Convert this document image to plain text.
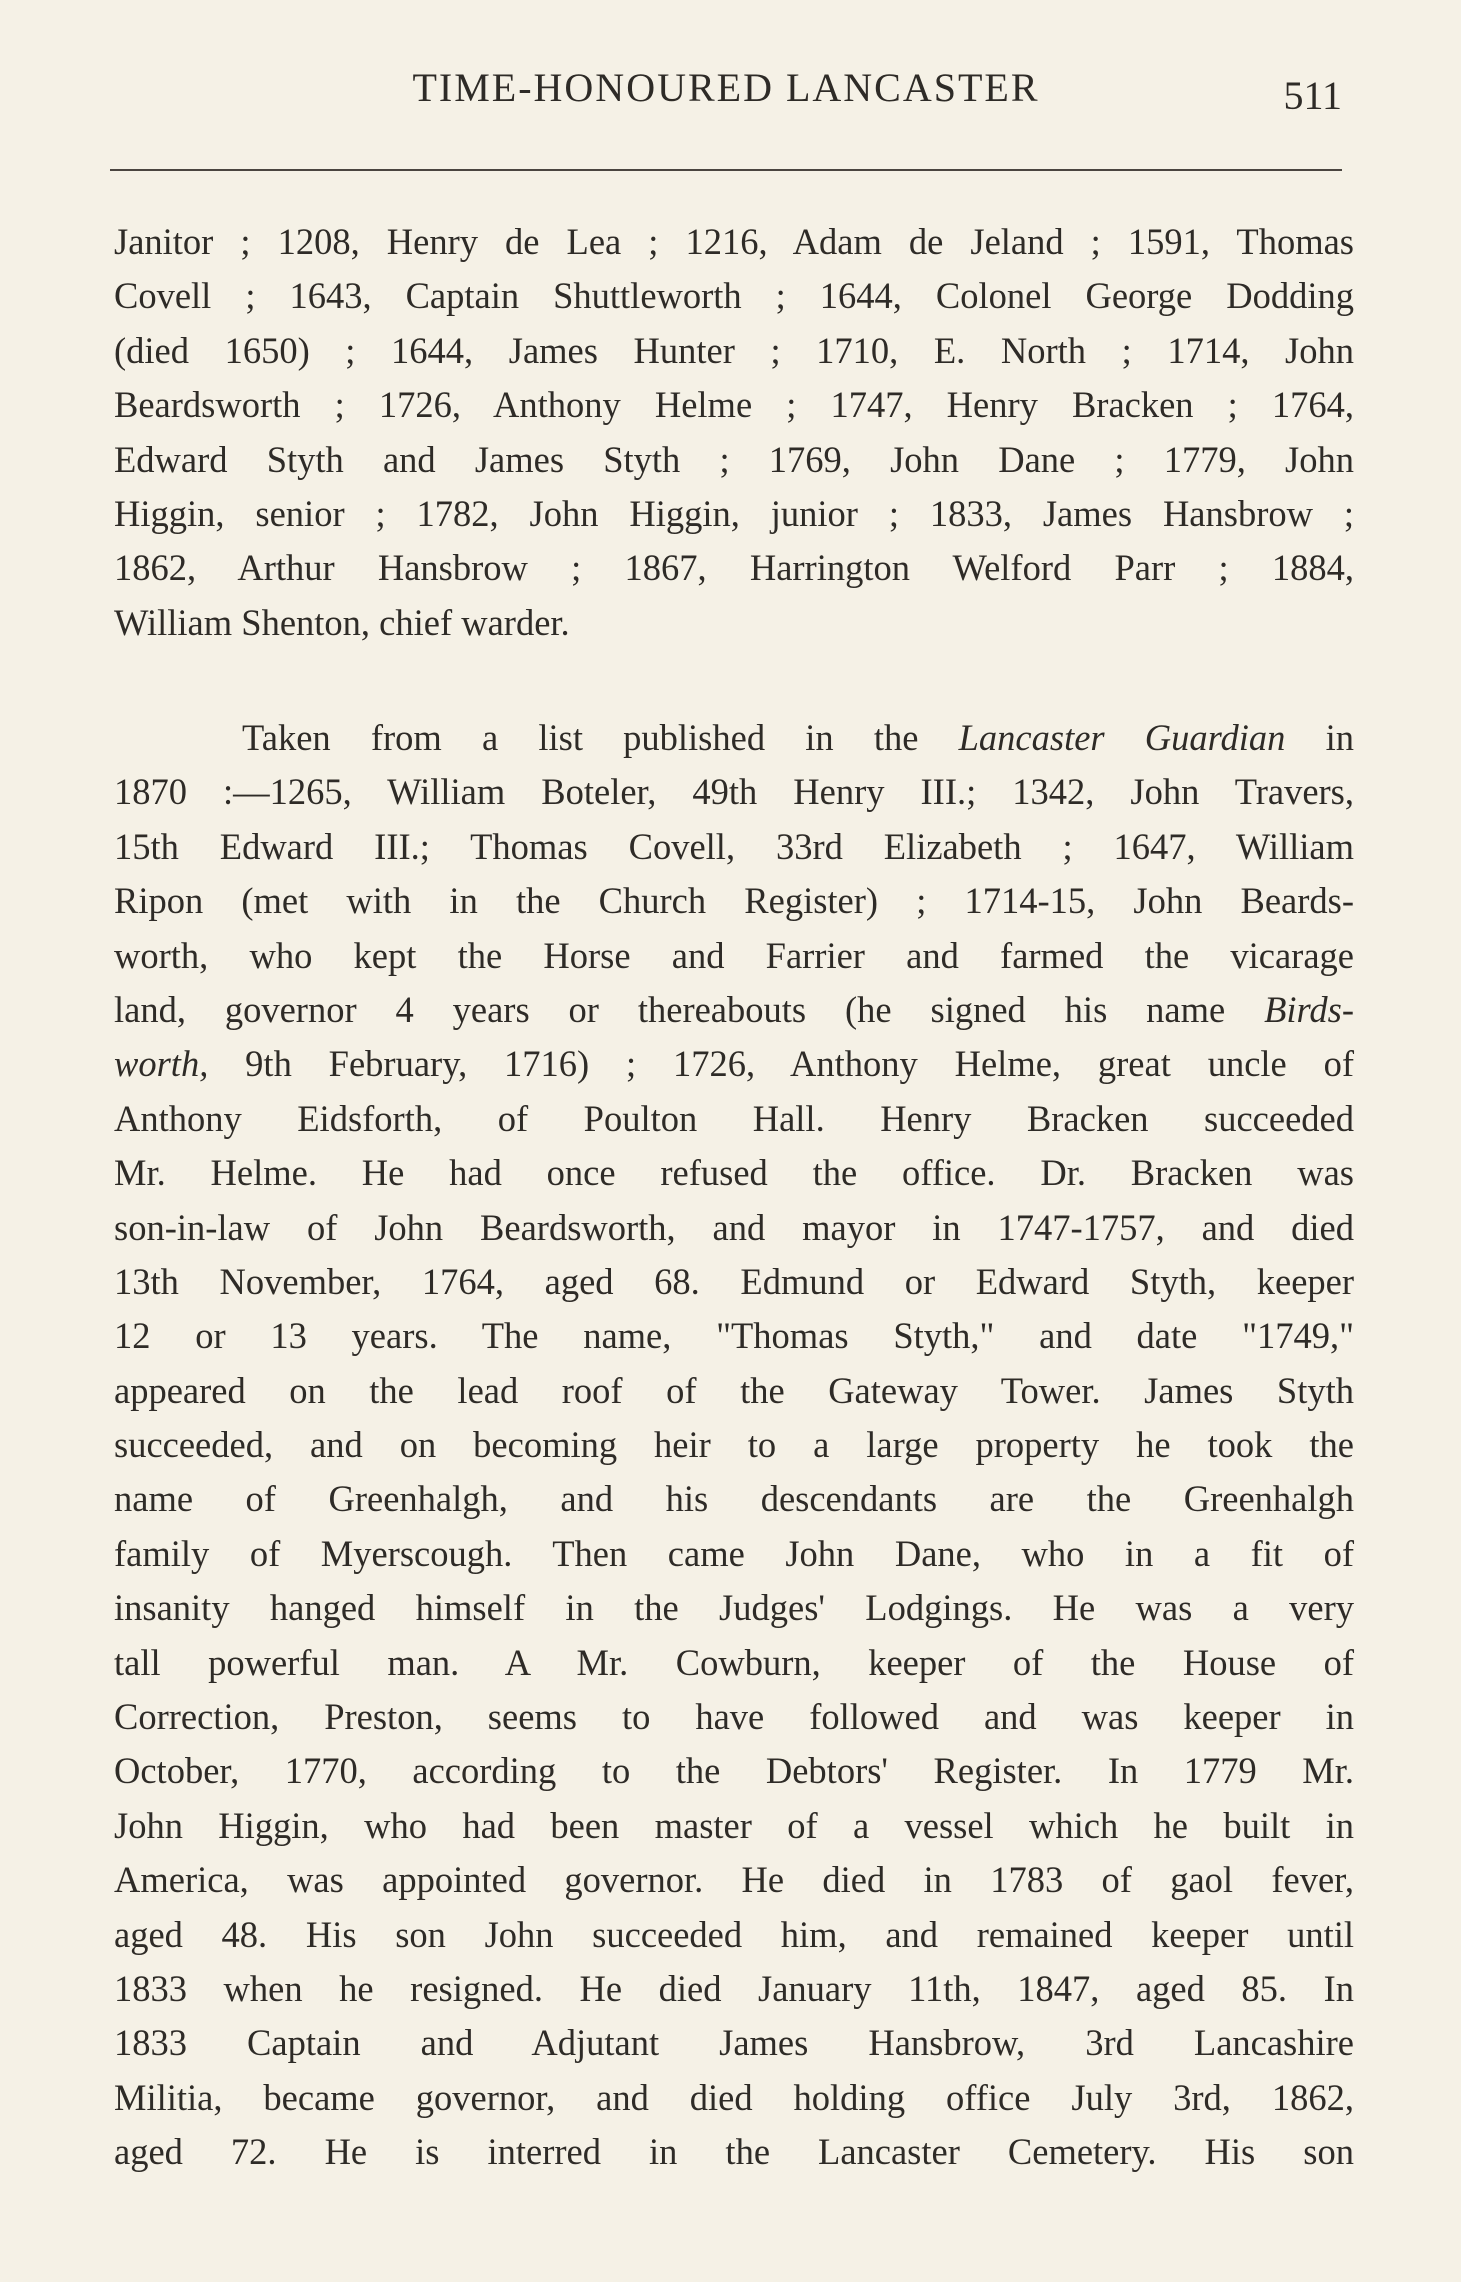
TIME-HONOURED LANCASTER	511
Janitor ; 1208, Henry de Lea ; 1216, Adam de Jeland ; 1591, Thomas
Covell ; 1643, Captain Shuttleworth ; 1644, Colonel George Dodding
(died 1650) ; 1644, James Hunter ; 1710, E. North ; 1714, John
Beardsworth ; 1726, Anthony Helme ; 1747, Henry Bracken ; 1764,
Edward Styth and James Styth ; 1769, John Dane ; 1779, John
Higgin, senior ; 1782, John Higgin, junior ; 1833, James Hansbrow ;
1862, Arthur Hansbrow ; 1867, Harrington Welford Parr ; 1884,
William Shenton, chief warder.
Taken from a list published in the Lancaster Guardian in
1870 :—1265, William Boteler, 49th Henry III.; 1342, John Travers,
15th Edward III.; Thomas Covell, 33rd Elizabeth ; 1647, William
Ripon (met with in the Church Register) ; 1714-15, John Beards-
worth, who kept the Horse and Farrier and farmed the vicarage
land, governor 4 years or thereabouts (he signed his name Birds-
worth, 9th February, 1716) ; 1726, Anthony Helme, great uncle of
Anthony Eidsforth, of Poulton Hall. Henry Bracken succeeded
Mr. Helme. He had once refused the office. Dr. Bracken was
son-in-law of John Beardsworth, and mayor in 1747-1757, and died
13th November, 1764, aged 68. Edmund or Edward Styth, keeper
12 or 13 years. The name, "Thomas Styth," and date "1749,"
appeared on the lead roof of the Gateway Tower. James Styth
succeeded, and on becoming heir to a large property he took the
name of Greenhalgh, and his descendants are the Greenhalgh
family of Myerscough. Then came John Dane, who in a fit of
insanity hanged himself in the Judges' Lodgings. He was a very
tall powerful man. A Mr. Cowburn, keeper of the House of
Correction, Preston, seems to have followed and was keeper in
October, 1770, according to the Debtors' Register. In 1779 Mr.
John Higgin, who had been master of a vessel which he built in
America, was appointed governor. He died in 1783 of gaol fever,
aged 48. His son John succeeded him, and remained keeper until
1833 when he resigned. He died January 11th, 1847, aged 85. In
1833 Captain and Adjutant James Hansbrow, 3rd Lancashire
Militia, became governor, and died holding office July 3rd, 1862,
aged 72. He is interred in the Lancaster Cemetery. His son
